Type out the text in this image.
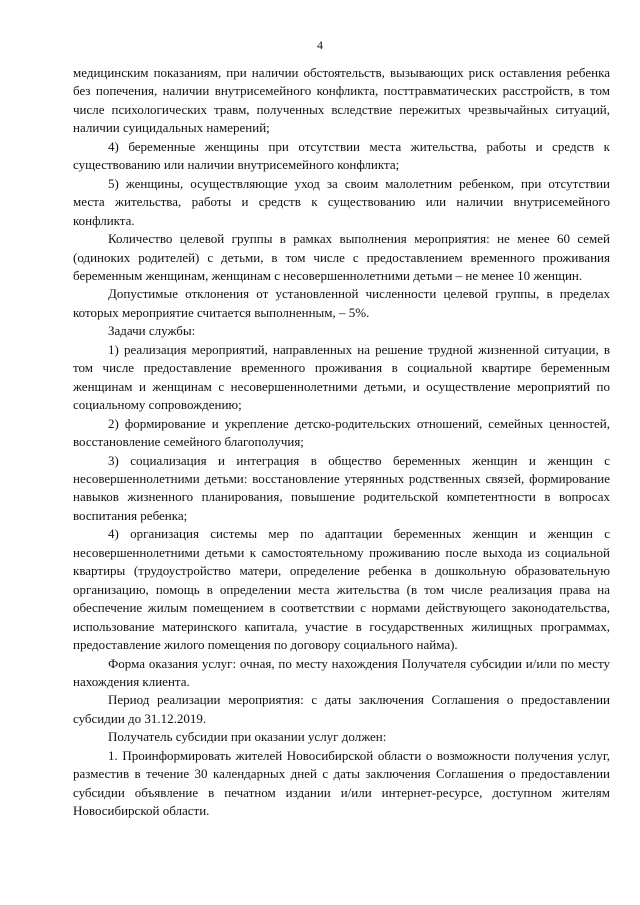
4

медицинским показаниям, при наличии обстоятельств, вызывающих риск оставления ребенка без попечения, наличии внутрисемейного конфликта, посттравматических расстройств, в том числе психологических травм, полученных вследствие пережитых чрезвычайных ситуаций, наличии суицидальных намерений;

4) беременные женщины при отсутствии места жительства, работы и средств к существованию или наличии внутрисемейного конфликта;

5) женщины, осуществляющие уход за своим малолетним ребенком, при отсутствии места жительства, работы и средств к существованию или наличии внутрисемейного конфликта.

Количество целевой группы в рамках выполнения мероприятия: не менее 60 семей (одиноких родителей) с детьми, в том числе с предоставлением временного проживания беременным женщинам, женщинам с несовершеннолетними детьми – не менее 10 женщин.

Допустимые отклонения от установленной численности целевой группы, в пределах которых мероприятие считается выполненным, – 5%.

Задачи службы:

1) реализация мероприятий, направленных на решение трудной жизненной ситуации, в том числе предоставление временного проживания в социальной квартире беременным женщинам и женщинам с несовершеннолетними детьми, и осуществление мероприятий по социальному сопровождению;

2) формирование и укрепление детско-родительских отношений, семейных ценностей, восстановление семейного благополучия;

3) социализация и интеграция в общество беременных женщин и женщин с несовершеннолетними детьми: восстановление утерянных родственных связей, формирование навыков жизненного планирования, повышение родительской компетентности в вопросах воспитания ребенка;

4) организация системы мер по адаптации беременных женщин и женщин с несовершеннолетними детьми к самостоятельному проживанию после выхода из социальной квартиры (трудоустройство матери, определение ребенка в дошкольную образовательную организацию, помощь в определении места жительства (в том числе реализация права на обеспечение жилым помещением в соответствии с нормами действующего законодательства, использование материнского капитала, участие в государственных жилищных программах, предоставление жилого помещения по договору социального найма).

Форма оказания услуг: очная, по месту нахождения Получателя субсидии и/или по месту нахождения клиента.

Период реализации мероприятия: с даты заключения Соглашения о предоставлении субсидии до 31.12.2019.

Получатель субсидии при оказании услуг должен:

1. Проинформировать жителей Новосибирской области о возможности получения услуг, разместив в течение 30 календарных дней с даты заключения Соглашения о предоставлении субсидии объявление в печатном издании и/или интернет-ресурсе, доступном жителям Новосибирской области.
